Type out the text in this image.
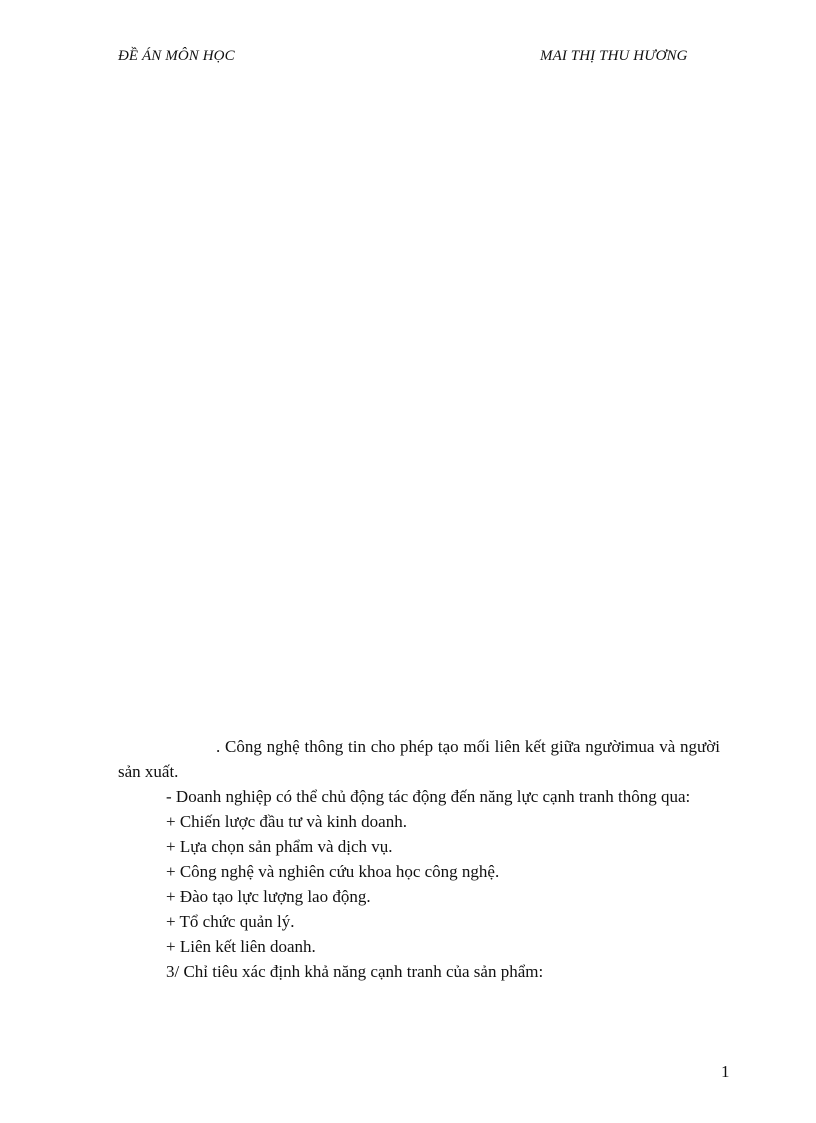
ĐỀ ÁN MÔN HỌC	MAI THỊ THU HƯƠNG

. Công nghệ thông tin cho phép tạo mối liên kết giữa ngườimua và người sản xuất.

- Doanh nghiệp có thể chủ động tác động đến năng lực cạnh tranh thông qua:

+ Chiến lược đầu tư và kinh doanh.

+ Lựa chọn sản phẩm và dịch vụ.

+ Công nghệ và nghiên cứu khoa học công nghệ.

+ Đào tạo lực lượng lao động.

+ Tổ chức quản lý.

+ Liên kết liên doanh.

3/ Chỉ tiêu xác định khả năng cạnh tranh của sản phẩm:

1
